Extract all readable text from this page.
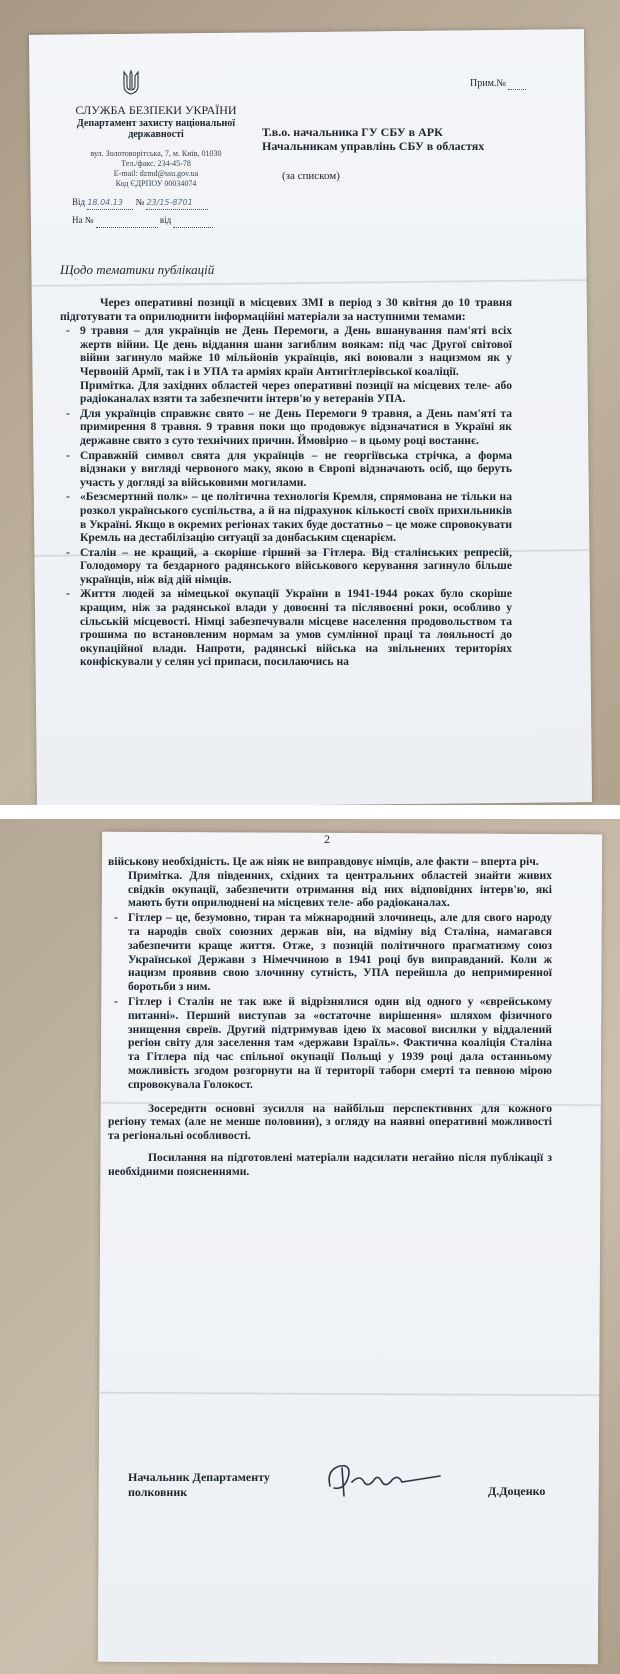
СЛУЖБА БЕЗПЕКИ УКРАЇНИ
Департамент захисту національної державності
вул. Золотоворітська, 7, м. Київ, 01030
Тел./факс. 234-45-78
E-mail: dzmd@ssu.gov.ua
Код ЄДРПОУ 00034074
Від 18.04.13 № 23/15-8701
На №	від
Прим.№
Т.в.о. начальника ГУ СБУ в АРК
Начальникам управлінь СБУ в областях
(за списком)
Щодо тематики публікацій

Через оперативні позиції в місцевих ЗМІ в період з 30 квітня до 10 травня підготувати та оприлюднити інформаційні матеріали за наступними темами:

- 9 травня – для українців не День Перемоги, а День вшанування пам'яті всіх жертв війни. Це день віддання шани загиблим воякам: під час Другої світової війни загинуло майже 10 мільйонів українців, які воювали з нацизмом як у Червоній Армії, так і в УПА та арміях країн Антигітлерівської коаліції.

Примітка. Для західних областей через оперативні позиції на місцевих теле- або радіоканалах взяти та забезпечити інтерв'ю у ветеранів УПА.

- Для українців справжнє свято – не День Перемоги 9 травня, а День пам'яті та примирення 8 травня. 9 травня поки що продовжує відзначатися в Україні як державне свято з суто технічних причин. Ймовірно – в цьому році востаннє.
- Справжній символ свята для українців – не георгіївська стрічка, а форма відзнаки у вигляді червоного маку, якою в Європі відзначають осіб, що беруть участь у догляді за військовими могилами.
- «Безсмертний полк» – це політична технологія Кремля, спрямована не тільки на розкол українського суспільства, а й на підрахунок кількості своїх прихильників в Україні. Якщо в окремих регіонах таких буде достатньо – це може спровокувати Кремль на дестабілізацію ситуації за донбаським сценарієм.
- Сталін – не кращий, а скоріше гірший за Гітлера. Від сталінських репресій, Голодомору та бездарного радянського військового керування загинуло більше українців, ніж від дій німців.
- Життя людей за німецької окупації України в 1941-1944 роках було скоріше кращим, ніж за радянської влади у довоєнні та післявоєнні роки, особливо у сільській місцевості. Німці забезпечували місцеве населення продовольством та грошима по встановленим нормам за умов сумлінної праці та лояльності до окупаційної влади. Напроти, радянські війська на звільнених територіях конфіскували у селян усі припаси, посилаючись на
2

військову необхідність. Це аж ніяк не виправдовує німців, але факти – вперта річ.

Примітка. Для південних, східних та центральних областей знайти живих свідків окупації, забезпечити отримання від них відповідних інтерв'ю, які мають бути оприлюднені на місцевих теле- або радіоканалах.

- Гітлер – це, безумовно, тиран та міжнародний злочинець, але для свого народу та народів своїх союзних держав він, на відміну від Сталіна, намагався забезпечити краще життя. Отже, з позицій політичного прагматизму союз Української Держави з Німеччиною в 1941 році був виправданий. Коли ж нацизм проявив свою злочинну сутність, УПА перейшла до непримиренної боротьби з ним.
- Гітлер і Сталін не так вже й відрізнялися один від одного у «єврейському питанні». Перший виступав за «остаточне вирішення» шляхом фізичного знищення євреїв. Другий підтримував ідею їх масової висилки у віддалений регіон світу для заселення там «держави Ізраїль». Фактична коаліція Сталіна та Гітлера під час спільної окупації Польщі у 1939 році дала останньому можливість згодом розгорнути на її території табори смерті та певною мірою спровокувала Голокост.

Зосередити основні зусилля на найбільш перспективних для кожного регіону темах (але не менше половини), з огляду на наявні оперативні можливості та регіональні особливості.

Посилання на підготовлені матеріали надсилати негайно після публікації з необхідними поясненнями.

Начальник Департаменту
полковник	Д.Доценко
